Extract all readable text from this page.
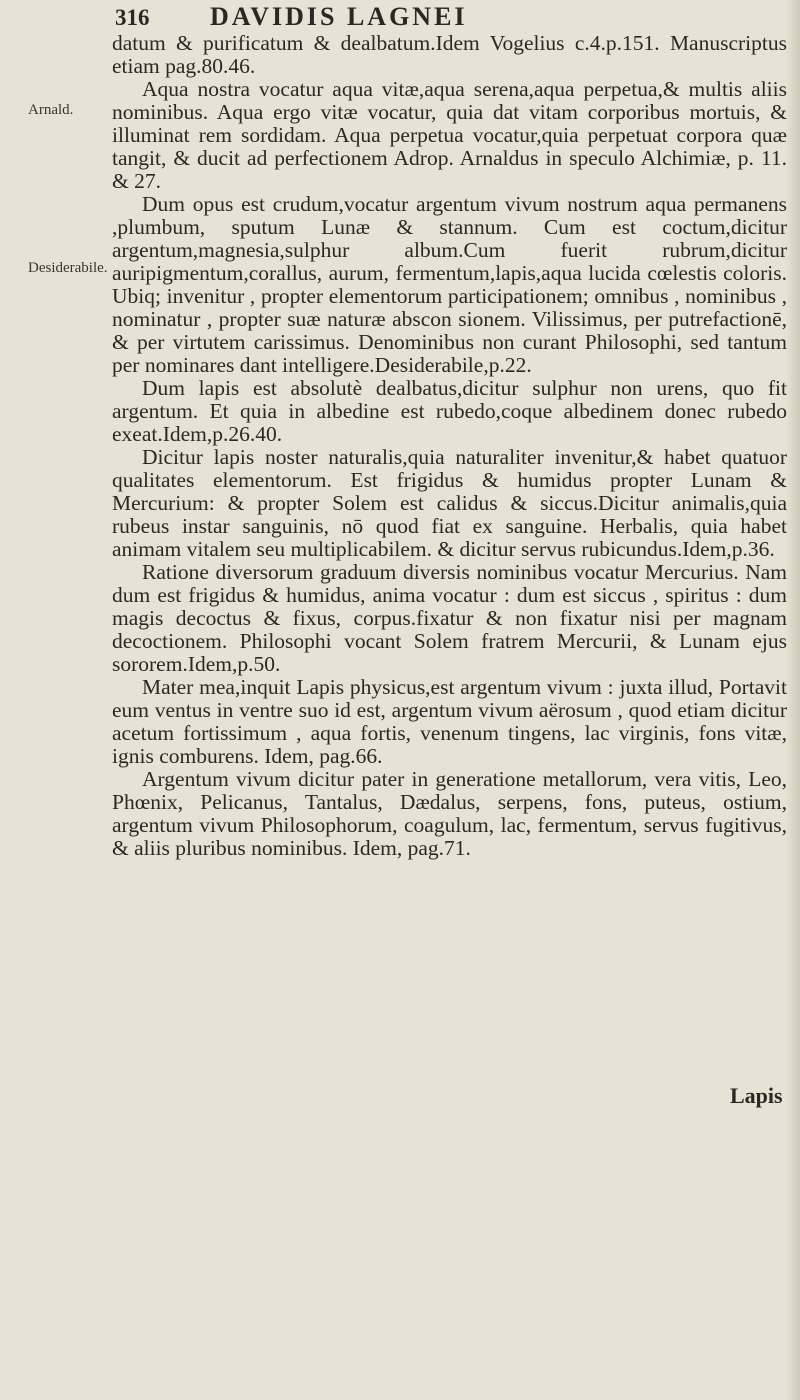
316	DAVIDIS LAGNEI
Arnald.
Desiderabile.

datum & purificatum & dealbatum.Idem Vogelius c.4.p.151. Manuscriptus etiam pag.80.46.

Aqua nostra vocatur aqua vitæ,aqua serena,aqua perpetua,& multis aliis nominibus. Aqua ergo vitæ vocatur, quia dat vitam corporibus mortuis, & illuminat rem sordidam. Aqua perpetua vocatur,quia perpetuat corpora quæ tangit, & ducit ad perfectionem Adrop. Arnaldus in speculo Alchimiæ, p. 11. & 27.

Dum opus est crudum,vocatur argentum vivum nostrum aqua permanens ,plumbum, sputum Lunæ & stannum. Cum est coctum,dicitur argentum,magnesia,sulphur album.Cum fuerit rubrum,dicitur auripigmentum,corallus, aurum, fermentum,lapis,aqua lucida cœlestis coloris. Ubiq; invenitur , propter elementorum participationem; omnibus , nominibus , nominatur , propter suæ naturæ abscon sionem. Vilissimus, per putrefactionē, & per virtutem carissimus. Denominibus non curant Philosophi, sed tantum per nominares dant intelligere.Desiderabile,p.22.

Dum lapis est absolutè dealbatus,dicitur sulphur non urens, quo fit argentum. Et quia in albedine est rubedo,coque albedinem donec rubedo exeat.Idem,p.26.40.

Dicitur lapis noster naturalis,quia naturaliter invenitur,& habet quatuor qualitates elementorum. Est frigidus & humidus propter Lunam & Mercurium: & propter Solem est calidus & siccus.Dicitur animalis,quia rubeus instar sanguinis, nō quod fiat ex sanguine. Herbalis, quia habet animam vitalem seu multiplicabilem. & dicitur servus rubicundus.Idem,p.36.

Ratione diversorum graduum diversis nominibus vocatur Mercurius. Nam dum est frigidus & humidus, anima vocatur : dum est siccus , spiritus : dum magis decoctus & fixus, corpus.fixatur & non fixatur nisi per magnam decoctionem. Philosophi vocant Solem fratrem Mercurii, & Lunam ejus sororem.Idem,p.50.

Mater mea,inquit Lapis physicus,est argentum vivum : juxta illud, Portavit eum ventus in ventre suo id est, argentum vivum aërosum , quod etiam dicitur acetum fortissimum , aqua fortis, venenum tingens, lac virginis, fons vitæ, ignis comburens. Idem, pag.66.

Argentum vivum dicitur pater in generatione metallorum, vera vitis, Leo, Phœnix, Pelicanus, Tantalus, Dædalus, serpens, fons, puteus, ostium, argentum vivum Philosophorum, coagulum, lac, fermentum, servus fugitivus, & aliis pluribus nominibus. Idem, pag.71.

Lapis
